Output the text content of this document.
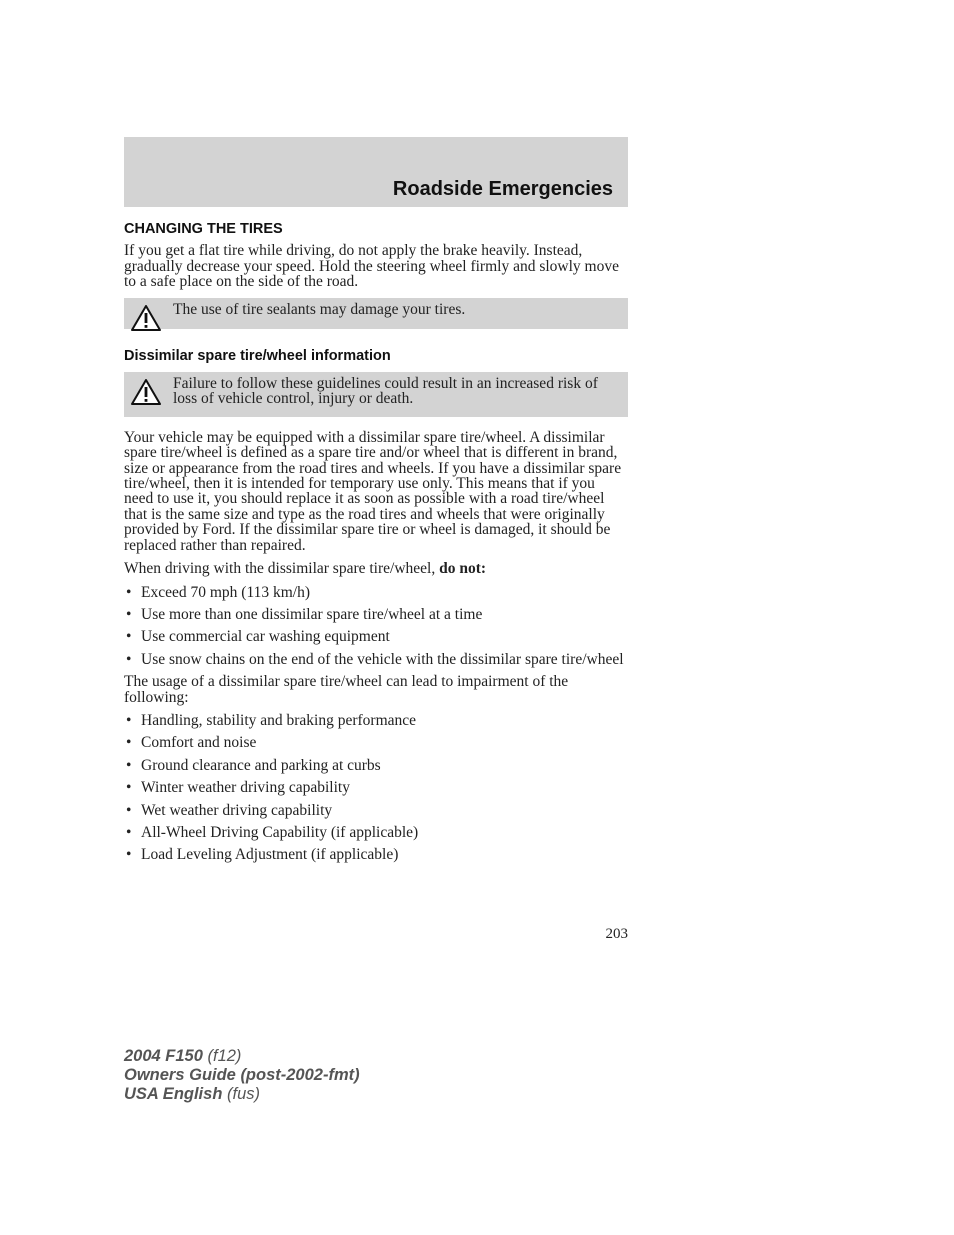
Roadside Emergencies
CHANGING THE TIRES

If you get a flat tire while driving, do not apply the brake heavily. Instead, gradually decrease your speed. Hold the steering wheel firmly and slowly move to a safe place on the side of the road.

The use of tire sealants may damage your tires.

Dissimilar spare tire/wheel information

Failure to follow these guidelines could result in an increased risk of loss of vehicle control, injury or death.

Your vehicle may be equipped with a dissimilar spare tire/wheel. A dissimilar spare tire/wheel is defined as a spare tire and/or wheel that is different in brand, size or appearance from the road tires and wheels. If you have a dissimilar spare tire/wheel, then it is intended for temporary use only. This means that if you need to use it, you should replace it as soon as possible with a road tire/wheel that is the same size and type as the road tires and wheels that were originally provided by Ford. If the dissimilar spare tire or wheel is damaged, it should be replaced rather than repaired.

When driving with the dissimilar spare tire/wheel, do not:

• Exceed 70 mph (113 km/h)
• Use more than one dissimilar spare tire/wheel at a time
• Use commercial car washing equipment
• Use snow chains on the end of the vehicle with the dissimilar spare tire/wheel

The usage of a dissimilar spare tire/wheel can lead to impairment of the following:

• Handling, stability and braking performance
• Comfort and noise
• Ground clearance and parking at curbs
• Winter weather driving capability
• Wet weather driving capability
• All-Wheel Driving Capability (if applicable)
• Load Leveling Adjustment (if applicable)
203
2004 F150 (f12)
Owners Guide (post-2002-fmt)
USA English (fus)
